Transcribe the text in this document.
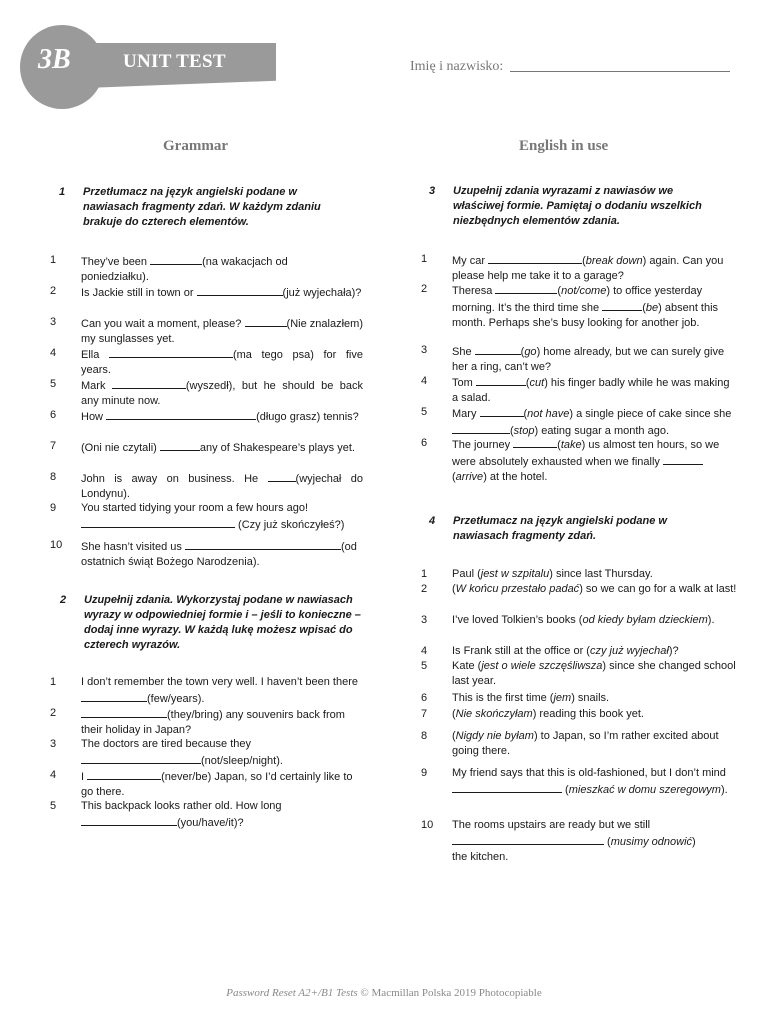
3B	UNIT TEST	Imię i nazwisko:
Grammar	English in use
1 Przetłumacz na język angielski podane w nawiasach fragmenty zdań. W każdym zdaniu brakuje do czterech elementów.
1 They’ve been	(na wakacjach od poniedziałku).
2 Is Jackie still in town or	(już wyjechała)?
3 Can you wait a moment, please?	(Nie znalazłem) my sunglasses yet.
4 Ella	(ma tego psa) for five years.
5 Mark	(wyszedł), but he should be back any minute now.
6 How	(długo grasz) tennis?
7 (Oni nie czytali)	any of Shakespeare’s plays yet.
8 John is away on business. He	(wyjechał do Londynu).
9 You started tidying your room a few hours ago!  (Czy już skończyłeś?)
10 She hasn’t visited us	(od ostatnich świąt Bożego Narodzenia).
2 Uzupełnij zdania. Wykorzystaj podane w nawiasach wyrazy w odpowiedniej formie i – jeśli to konieczne – dodaj inne wyrazy. W każdą lukę możesz wpisać do czterech wyrazów.
1 I don’t remember the town very well. I haven’t been there (few/years).
2	(they/bring) any souvenirs back from their holiday in Japan?
3 The doctors are tired because they(not/sleep/night).
4 I	(never/be) Japan, so I’d certainly like to go there.
5 This backpack looks rather old. How long (you/have/it)?
3 Uzupełnij zdania wyrazami z nawiasów we właściwej formie. Pamiętaj o dodaniu wszelkich niezbędnych elementów zdania.
1 My car	(break down) again. Can you please help me take it to a garage?
2 Theresa	(not/come) to office yesterday morning. It’s the third time she	(be) absent this month. Perhaps she’s busy looking for another job.
3 She	(go) home already, but we can surely give her a ring, can’t we?
4 Tom	(cut) his finger badly while he was making a salad.
5 Mary	(not have) a single piece of cake since she (stop) eating sugar a month ago.
6 The journey	(take) us almost ten hours, so we were absolutely exhausted when we finally (arrive) at the hotel.
4 Przetłumacz na język angielski podane w nawiasach fragmenty zdań.
1 Paul (jest w szpitalu) since last Thursday.
2 (W końcu przestało padać) so we can go for a walk at last!
3 I’ve loved Tolkien’s books (od kiedy byłam dzieckiem).
4 Is Frank still at the office or (czy już wyjechał)?
5 Kate (jest o wiele szczęśliwsza) since she changed school last year.
6 This is the first time (jem) snails.
7 (Nie skończyłam) reading this book yet.
8 (Nigdy nie byłam) to Japan, so I’m rather excited about going there.
9 My friend says that this is old-fashioned, but I don’t mind  (mieszkać w domu szeregowym).
10 The rooms upstairs are ready but we still  (musimy odnowić)
the kitchen.
Password Reset A2+/B1 Tests © Macmillan Polska 2019 Photocopiable
